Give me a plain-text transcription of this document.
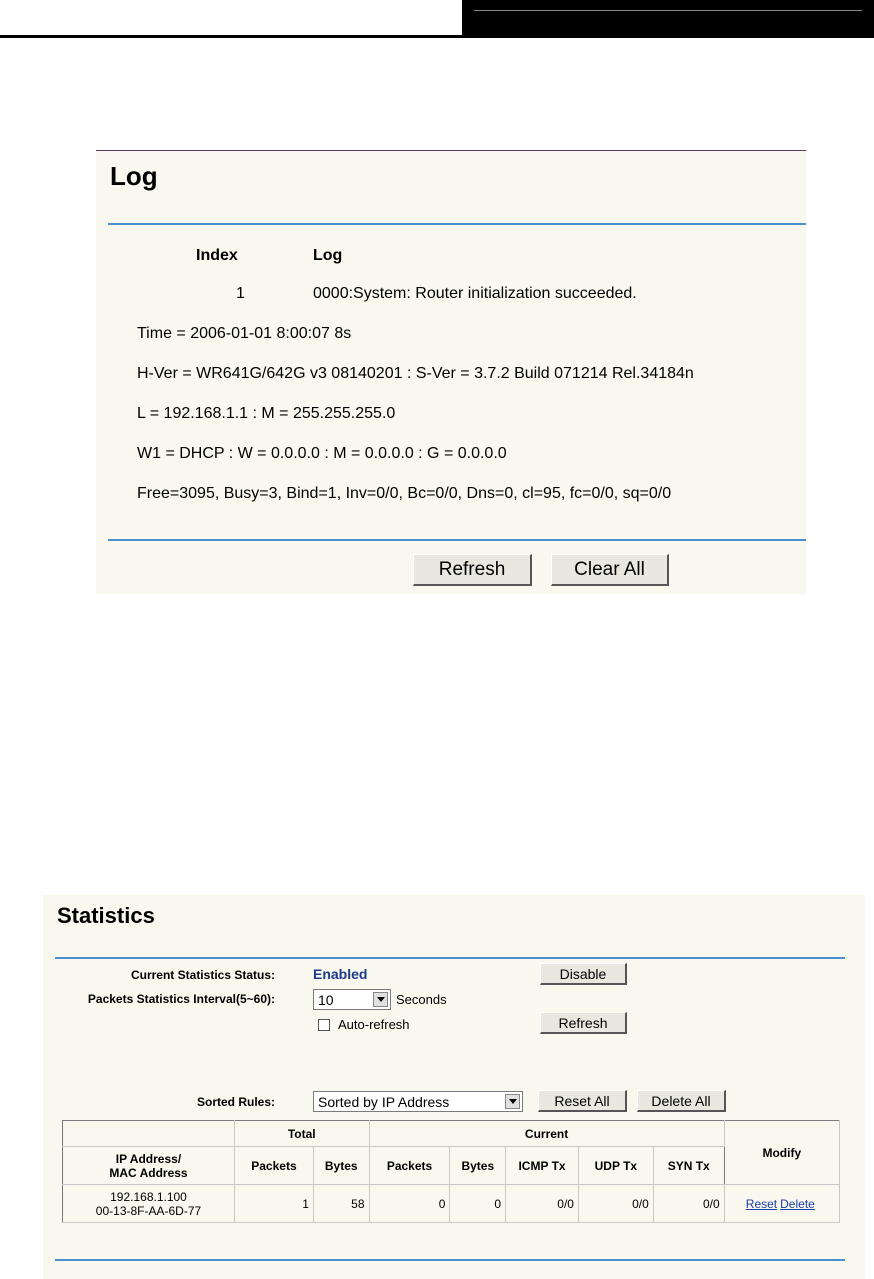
Log
Index	Log
1	0000:System: Router initialization succeeded.
Time = 2006-01-01 8:00:07 8s
H-Ver = WR641G/642G v3 08140201 : S-Ver = 3.7.2 Build 071214 Rel.34184n
L = 192.168.1.1 : M = 255.255.255.0
W1 = DHCP : W = 0.0.0.0 : M = 0.0.0.0 : G = 0.0.0.0
Free=3095, Busy=3, Bind=1, Inv=0/0, Bc=0/0, Dns=0, cl=95, fc=0/0, sq=0/0
Refresh	Clear All
Statistics
Current Statistics Status:	Enabled	Disable
Packets Statistics Interval(5~60):	10	Seconds
Auto-refresh	Refresh
Sorted Rules:	Sorted by IP Address	Reset All	Delete All
	Total		Current					Modify

IP Address/
MAC Address	Packets	Bytes	Packets	Bytes	ICMP Tx	UDP Tx	SYN Tx	

192.168.1.100
00-13-8F-AA-6D-77	1	58	0	0	0/0	0/0	0/0	Reset Delete
